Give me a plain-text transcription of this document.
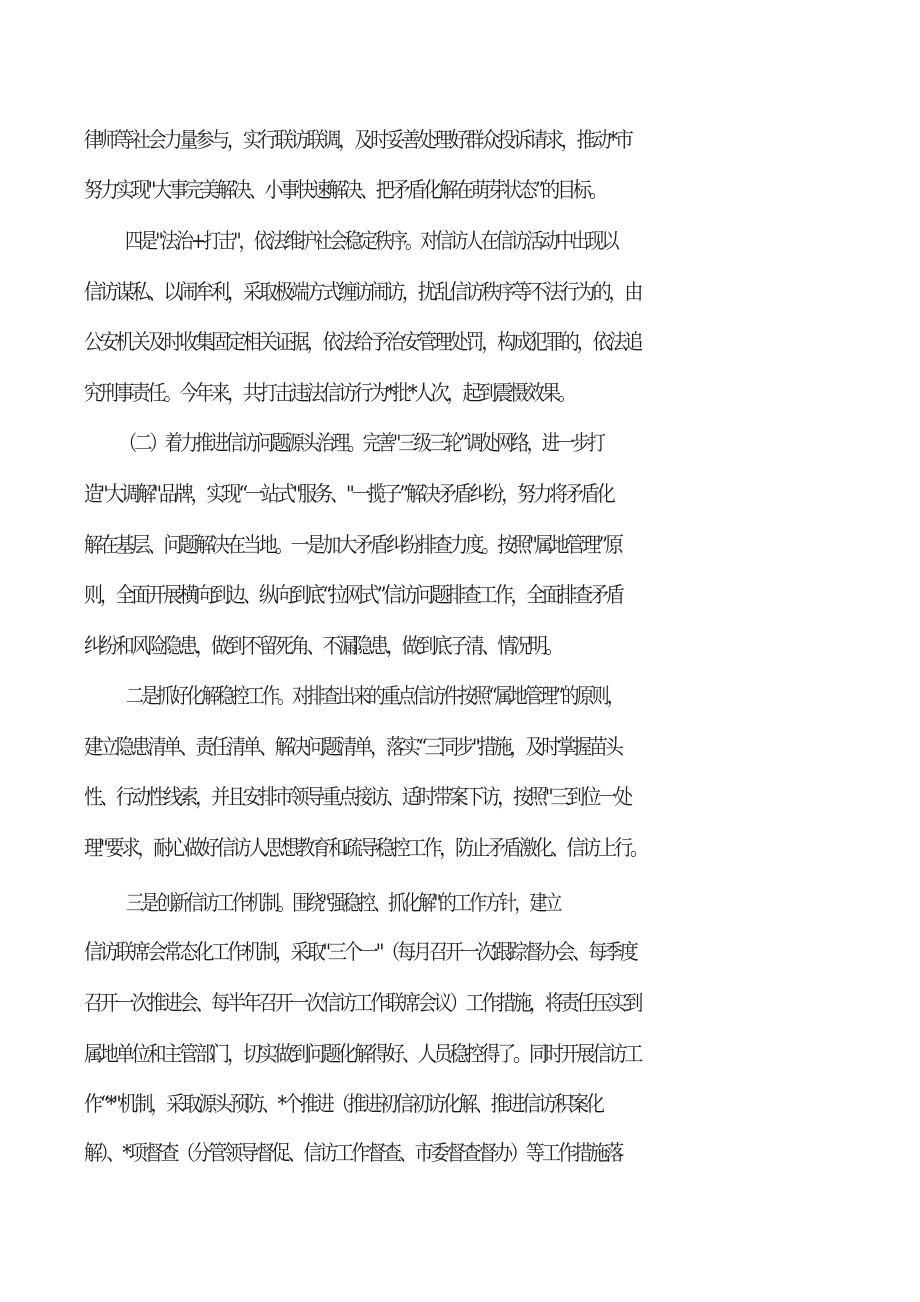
律师等社会力量参与，实行联访联调，及时妥善处理好群众投诉请求，推动*市
努力实现"大事完美解决、小事快速解决、把矛盾化解在萌芽状态”的目标。
四是"法治+打击"，依法维护社会稳定秩序。对信访人在信访活动中出现以
信访谋私、以闹牟利，采取极端方式缠访闹访，扰乱信访秩序等不法行为的，由
公安机关及时收集固定相关证据，依法给予治安管理处罚，构成犯罪的，依法追
究刑事责任。今年来，共打击违法信访行为*批*人次，起到震慑效果。
（二）着力推进信访问题源头治理。完善"三级三轮”调处网络，进一步打
造"大调解"品牌，实现“一站式"服务、"一揽子”解决矛盾纠纷，努力将矛盾化
解在基层、问题解决在当地。一是加大矛盾纠纷排查力度。按照"属地管理”原
则，全面开展横向到边、纵向到底“拉网式”信访问题排查工作，全面排查矛盾
纠纷和风险隐患，做到不留死角、不漏隐患，做到底子清、情况明。
二是抓好化解稳控工作。对排查出来的重点信访件按照“属地管理”的原则，
建立隐患清单、责任清单、解决问题清单，落实“三同步"措施，及时掌握苗头
性、行动性线索，并且安排市领导重点接访、适时带案下访，按照"三到位一处
理"要求，耐心做好信访人思想教育和疏导稳控工作，防止矛盾激化、信访上行。
三是创新信访工作机制。围绕"强稳控、抓化解"的工作方针，建立
信访联席会常态化工作机制，采取"三个一"（每月召开一次跟踪督办会、每季度
召开一次推进会、每半年召开一次信访工作联席会议）工作措施，将责任压实到
属地单位和主管部门，切实做到问题化解得好、人员稳控得了。同时开展信访工
作“*"机制，采取源头预防、*个推进（推进初信初访化解、推进信访积案化
解）、*项督查（分管领导督促、信访工作督查、市委督查督办）等工作措施落
